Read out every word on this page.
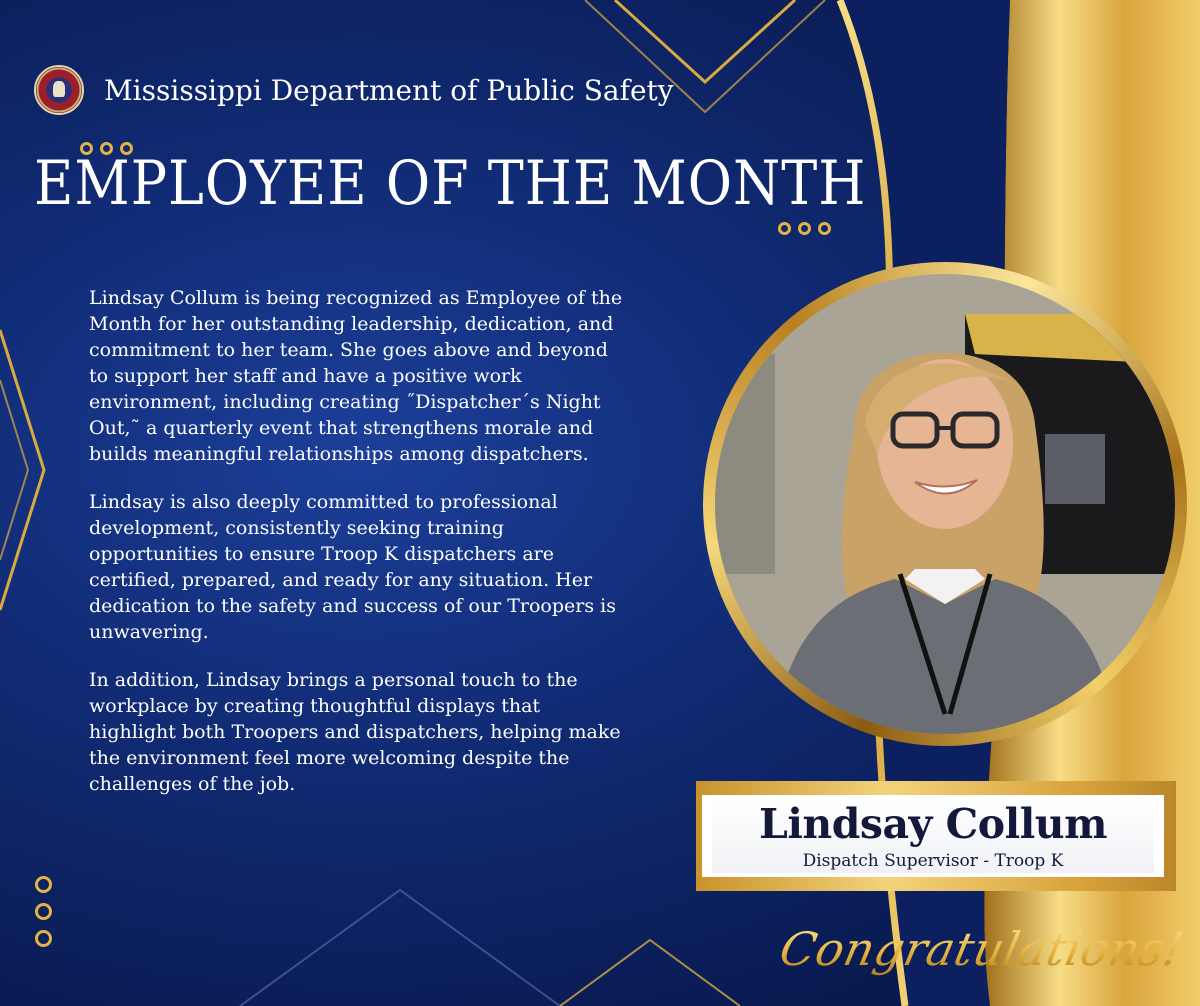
Mississippi Department of Public Safety
EMPLOYEE OF THE MONTH

Lindsay Collum is being recognized as Employee of the Month for her outstanding leadership, dedication, and commitment to her team. She goes above and beyond to support her staff and have a positive work environment, including creating ˝Dispatcher´s Night Out,˜ a quarterly event that strengthens morale and builds meaningful relationships among dispatchers.

Lindsay is also deeply committed to professional development, consistently seeking training opportunities to ensure Troop K dispatchers are certified, prepared, and ready for any situation. Her dedication to the safety and success of our Troopers is unwavering.

In addition, Lindsay brings a personal touch to the workplace by creating thoughtful displays that highlight both Troopers and dispatchers, helping make the environment feel more welcoming despite the challenges of the job.

Lindsay Collum
Dispatch Supervisor - Troop K
Congratulations!
